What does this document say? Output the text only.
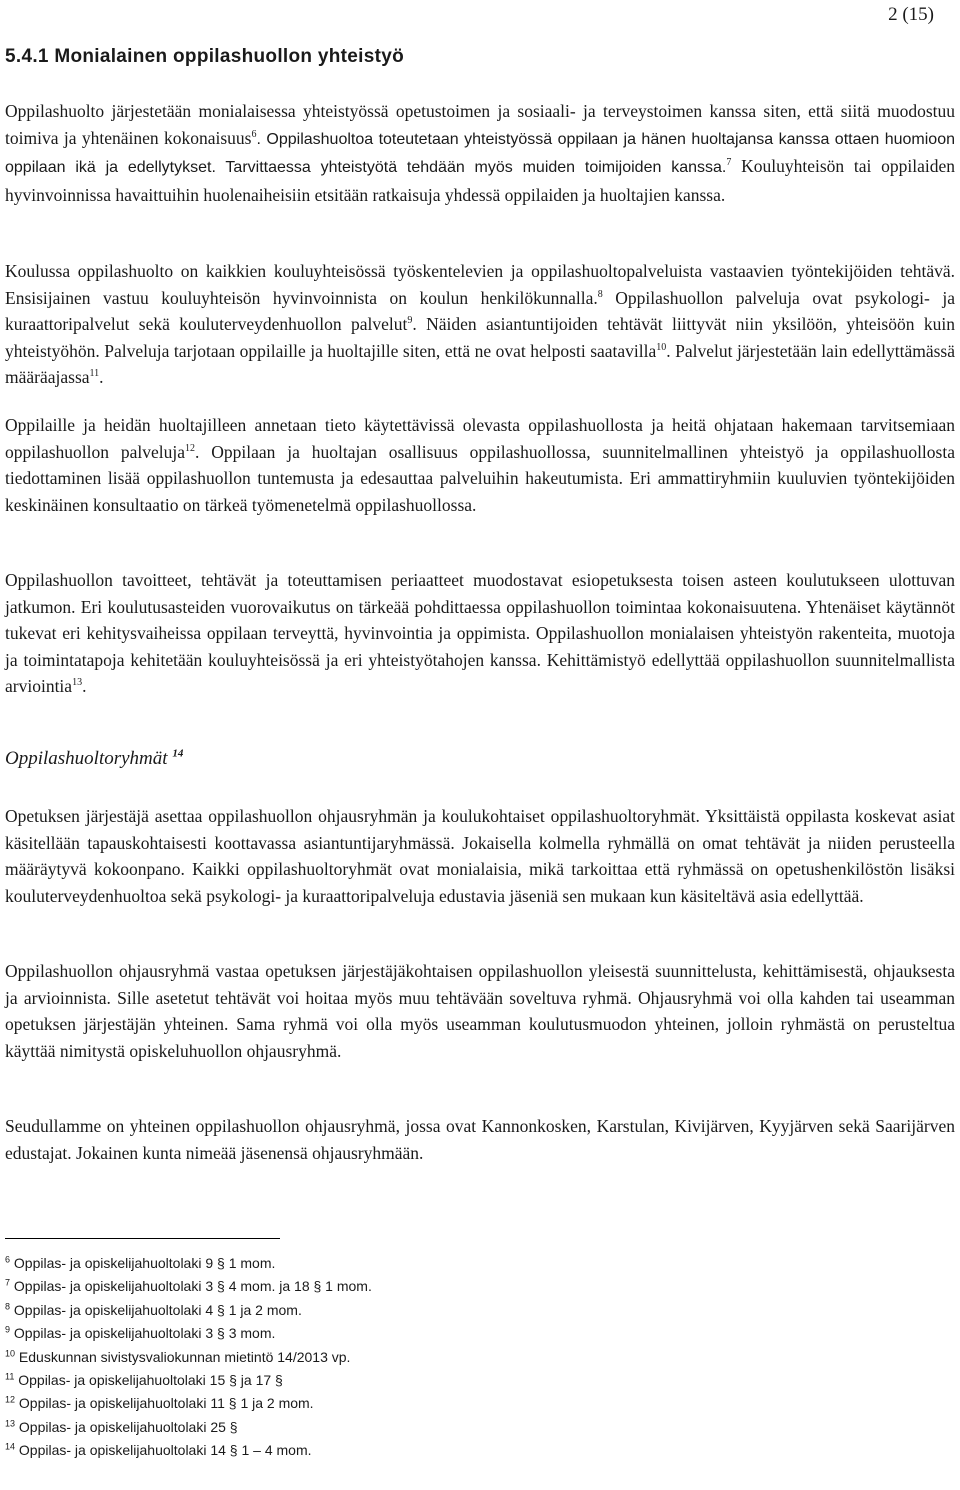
2 (15)
5.4.1 Monialainen oppilashuollon yhteistyö

Oppilashuolto järjestetään monialaisessa yhteistyössä opetustoimen ja sosiaali- ja terveystoimen kanssa siten, että siitä muodostuu toimiva ja yhtenäinen kokonaisuus$^6$. Oppilashuoltoa toteutetaan yhteistyössä oppilaan ja hänen huoltajansa kanssa ottaen huomioon oppilaan ikä ja edellytykset. Tarvittaessa yhteistyötä tehdään myös muiden toimijoiden kanssa.$^7$ Kouluyhteisön tai oppilaiden hyvinvoinnissa havaittuihin huolenaiheisiin etsitään ratkaisuja yhdessä oppilaiden ja huoltajien kanssa.

Koulussa oppilashuolto on kaikkien kouluyhteisössä työskentelevien ja oppilashuoltopalveluista vastaavien työntekijöiden tehtävä. Ensisijainen vastuu kouluyhteisön hyvinvoinnista on koulun henkilökunnalla.$^8$ Oppilashuollon palveluja ovat psykologi- ja kuraattoripalvelut sekä kouluterveydenhuollon palvelut$^9$. Näiden asiantuntijoiden tehtävät liittyvät niin yksilöön, yhteisöön kuin yhteistyöhön. Palveluja tarjotaan oppilaille ja huoltajille siten, että ne ovat helposti saatavilla$^{10}$. Palvelut järjestetään lain edellyttämässä määräajassa$^{11}$.

Oppilaille ja heidän huoltajilleen annetaan tieto käytettävissä olevasta oppilashuollosta ja heitä ohjataan hakemaan tarvitsemiaan oppilashuollon palveluja$^{12}$. Oppilaan ja huoltajan osallisuus oppilashuollossa, suunnitelmallinen yhteistyö ja oppilashuollosta tiedottaminen lisää oppilashuollon tuntemusta ja edesauttaa palveluihin hakeutumista. Eri ammattiryhmiin kuuluvien työntekijöiden keskinäinen konsultaatio on tärkeä työmenetelmä oppilashuollossa.

Oppilashuollon tavoitteet, tehtävät ja toteuttamisen periaatteet muodostavat esiopetuksesta toisen asteen koulutukseen ulottuvan jatkumon. Eri koulutusasteiden vuorovaikutus on tärkeää pohdittaessa oppilashuollon toimintaa kokonaisuutena. Yhtenäiset käytännöt tukevat eri kehitysvaiheissa oppilaan terveyttä, hyvinvointia ja oppimista. Oppilashuollon monialaisen yhteistyön rakenteita, muotoja ja toimintatapoja kehitetään kouluyhteisössä ja eri yhteistyötahojen kanssa. Kehittämistyö edellyttää oppilashuollon suunnitelmallista arviointia$^{13}$.

Oppilashuoltoryhmät $^{14}$

Opetuksen järjestäjä asettaa oppilashuollon ohjausryhmän ja koulukohtaiset oppilashuoltoryhmät. Yksittäistä oppilasta koskevat asiat käsitellään tapauskohtaisesti koottavassa asiantuntijaryhmässä. Jokaisella kolmella ryhmällä on omat tehtävät ja niiden perusteella määräytyvä kokoonpano. Kaikki oppilashuoltoryhmät ovat monialaisia, mikä tarkoittaa että ryhmässä on opetushenkilöstön lisäksi kouluterveydenhuoltoa sekä psykologi- ja kuraattoripalveluja edustavia jäseniä sen mukaan kun käsiteltävä asia edellyttää.

Oppilashuollon ohjausryhmä vastaa opetuksen järjestäjäkohtaisen oppilashuollon yleisestä suunnittelusta, kehittämisestä, ohjauksesta ja arvioinnista. Sille asetetut tehtävät voi hoitaa myös muu tehtävään soveltuva ryhmä. Ohjausryhmä voi olla kahden tai useamman opetuksen järjestäjän yhteinen. Sama ryhmä voi olla myös useamman koulutusmuodon yhteinen, jolloin ryhmästä on perusteltua käyttää nimitystä opiskeluhuollon ohjausryhmä.

Seudullamme on yhteinen oppilashuollon ohjausryhmä, jossa ovat Kannonkosken, Karstulan, Kivijärven, Kyyjärven sekä Saarijärven edustajat. Jokainen kunta nimeää jäsenensä ohjausryhmään.

$^6$ Oppilas- ja opiskelijahuoltolaki 9 § 1 mom.
$^7$ Oppilas- ja opiskelijahuoltolaki 3 § 4 mom. ja 18 § 1 mom.
$^8$ Oppilas- ja opiskelijahuoltolaki 4 § 1 ja 2 mom.
$^9$ Oppilas- ja opiskelijahuoltolaki 3 § 3 mom.
$^{10}$ Eduskunnan sivistysvaliokunnan mietintö 14/2013 vp.
$^{11}$ Oppilas- ja opiskelijahuoltolaki 15 § ja 17 §
$^{12}$ Oppilas- ja opiskelijahuoltolaki 11 § 1 ja 2 mom.
$^{13}$ Oppilas- ja opiskelijahuoltolaki 25 §
$^{14}$ Oppilas- ja opiskelijahuoltolaki 14 § 1 – 4 mom.
